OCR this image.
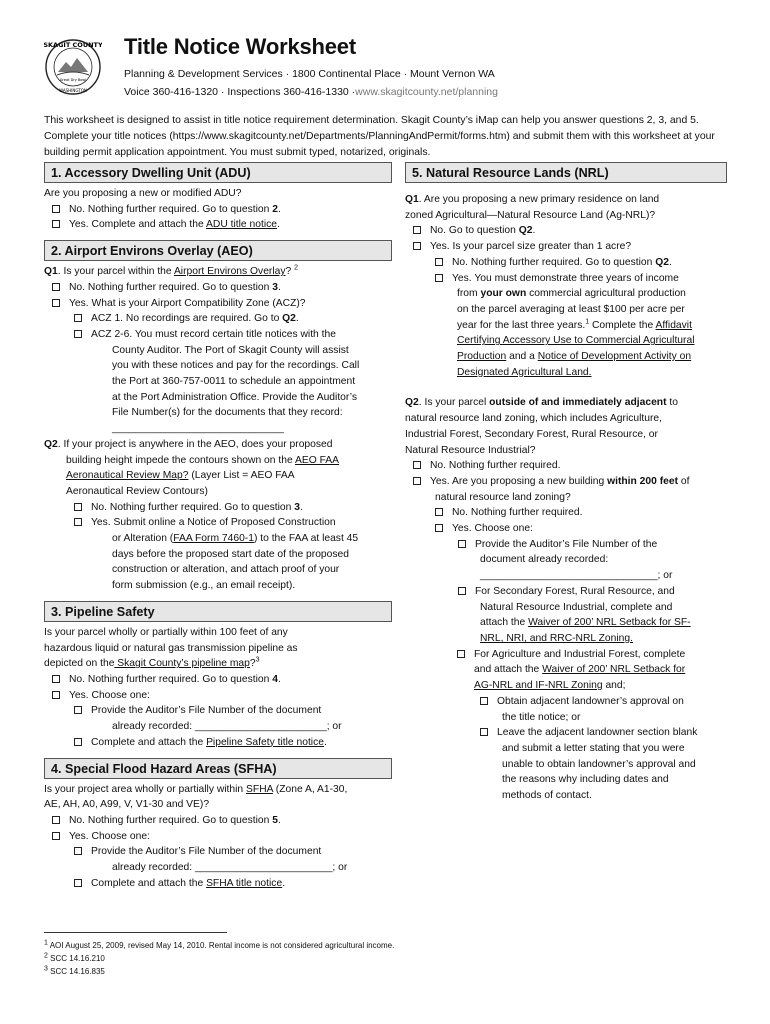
SKAGIT COUNTY
Great Dry Bowl
WASHINGTON
Title Notice Worksheet
Planning & Development Services · 1800 Continental Place · Mount Vernon WA
Voice 360-416-1320 · Inspections 360-416-1330 ·www.skagitcounty.net/planning
This worksheet is designed to assist in title notice requirement determination. Skagit County’s iMap can help you answer questions 2, 3, and 5. Complete your title notices (https://www.skagitcounty.net/Departments/PlanningAndPermit/forms.htm) and submit them with this worksheet at your building permit application appointment. You must submit typed, notarized, originals.
1. Accessory Dwelling Unit (ADU)
Are you proposing a new or modified ADU?
No. Nothing further required. Go to question 2.
Yes. Complete and attach the ADU title notice.
2. Airport Environs Overlay (AEO)
Q1. Is your parcel within the Airport Environs Overlay? $^2$
No. Nothing further required. Go to question 3.
Yes. What is your Airport Compatibility Zone (ACZ)?
ACZ 1. No recordings are required. Go to Q2.
ACZ 2-6. You must record certain title notices with the
County Auditor. The Port of Skagit County will assist
you with these notices and pay for the recordings. Call
the Port at 360-757-0011 to schedule an appointment
at the Port Administration Office. Provide the Auditor’s
File Number(s) for the documents that they record:
______________________________
Q2. If your project is anywhere in the AEO, does your proposed
building height impede the contours shown on the AEO FAA
Aeronautical Review Map? (Layer List = AEO FAA
Aeronautical Review Contours)
No. Nothing further required. Go to question 3.
Yes. Submit online a Notice of Proposed Construction
or Alteration (FAA Form 7460-1) to the FAA at least 45
days before the proposed start date of the proposed
construction or alteration, and attach proof of your
form submission (e.g., an email receipt).
3. Pipeline Safety
Is your parcel wholly or partially within 100 feet of any
hazardous liquid or natural gas transmission pipeline as
depicted on the Skagit County’s pipeline map?$^3$
No. Nothing further required. Go to question 4.
Yes. Choose one:
Provide the Auditor’s File Number of the document
already recorded: _______________________; or
Complete and attach the Pipeline Safety title notice.
4. Special Flood Hazard Areas (SFHA)
Is your project area wholly or partially within SFHA (Zone A, A1-30,
AE, AH, A0, A99, V, V1-30 and VE)?
No. Nothing further required. Go to question 5.
Yes. Choose one:
Provide the Auditor’s File Number of the document
already recorded: ________________________; or
Complete and attach the SFHA title notice.
5. Natural Resource Lands (NRL)
Q1. Are you proposing a new primary residence on land
zoned Agricultural—Natural Resource Land (Ag-NRL)?
No. Go to question Q2.
Yes. Is your parcel size greater than 1 acre?
No. Nothing further required. Go to question Q2.
Yes. You must demonstrate three years of income
from your own commercial agricultural production
on the parcel averaging at least $100 per acre per
year for the last three years.$^1$ Complete the Affidavit
Certifying Accessory Use to Commercial Agricultural
Production and a Notice of Development Activity on
Designated Agricultural Land.
Q2. Is your parcel outside of and immediately adjacent to
natural resource land zoning, which includes Agriculture,
Industrial Forest, Secondary Forest, Rural Resource, or
Natural Resource Industrial?
No. Nothing further required.
Yes. Are you proposing a new building within 200 feet of
natural resource land zoning?
No. Nothing further required.
Yes. Choose one:
Provide the Auditor’s File Number of the
document already recorded:
_______________________________; or
For Secondary Forest, Rural Resource, and
Natural Resource Industrial, complete and
attach the Waiver of 200’ NRL Setback for SF-
NRL, NRI, and RRC-NRL Zoning.
For Agriculture and Industrial Forest, complete
and attach the Waiver of 200’ NRL Setback for
AG-NRL and IF-NRL Zoning and;
Obtain adjacent landowner’s approval on
the title notice; or
Leave the adjacent landowner section blank
and submit a letter stating that you were
unable to obtain landowner’s approval and
the reasons why including dates and
methods of contact.
$^1$ AOI August 25, 2009, revised May 14, 2010. Rental income is not considered agricultural income.
$^2$ SCC 14.16.210
$^3$ SCC 14.16.835
